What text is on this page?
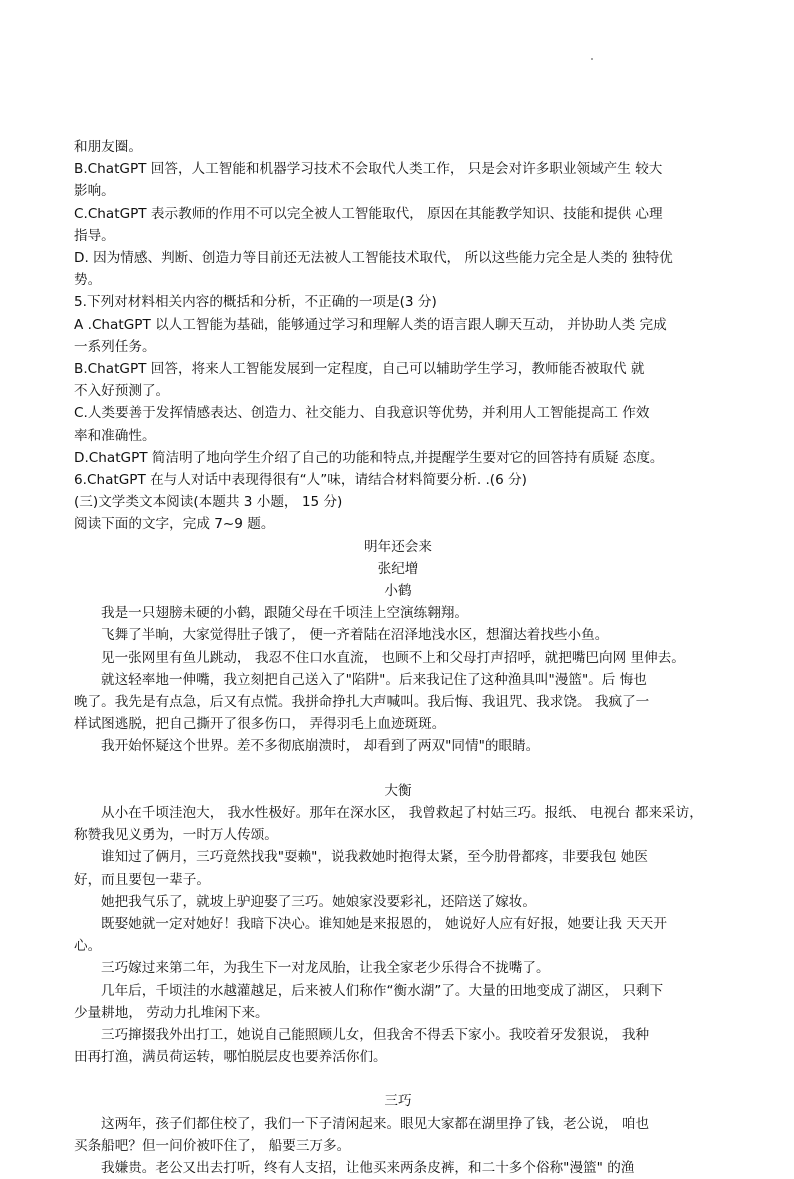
和朋友圈。
B.ChatGPT 回答，人工智能和机器学习技术不会取代人类工作， 只是会对许多职业领域产生 较大
影响。
C.ChatGPT 表示教师的作用不可以完全被人工智能取代， 原因在其能教学知识、技能和提供 心理
指导。
D. 因为情感、判断、创造力等目前还无法被人工智能技术取代， 所以这些能力完全是人类的 独特优
势。
5.下列对材料相关内容的概括和分析，不正确的一项是(3 分)
A .ChatGPT 以人工智能为基础，能够通过学习和理解人类的语言跟人聊天互动， 并协助人类 完成
一系列任务。
B.ChatGPT 回答，将来人工智能发展到一定程度，自己可以辅助学生学习，教师能否被取代 就
不入好预测了。
C.人类要善于发挥情感表达、创造力、社交能力、自我意识等优势，并利用人工智能提高工 作效
率和准确性。
D.ChatGPT 简洁明了地向学生介绍了自己的功能和特点,并提醒学生要对它的回答持有质疑 态度。
6.ChatGPT 在与人对话中表现得很有“人”味，请结合材料简要分析. .(6 分)
(三)文学类文本阅读(本题共 3 小题， 15 分)
阅读下面的文字，完成 7~9 题。
明年还会来
张纪增
小鹤
我是一只翅膀未硬的小鹤，跟随父母在千顷洼上空演练翱翔。
飞舞了半晌，大家觉得肚子饿了， 便一齐着陆在沼泽地浅水区，想溜达着找些小鱼。
见一张网里有鱼儿跳动， 我忍不住口水直流， 也顾不上和父母打声招呼，就把嘴巴向网 里伸去。
就这轻率地一伸嘴，我立刻把自己送入了"陷阱"。后来我记住了这种渔具叫"漫篮"。后 悔也
晚了。我先是有点急，后又有点慌。我拼命挣扎大声喊叫。我后悔、我诅咒、我求饶。 我疯了一
样试图逃脱，把自己撕开了很多伤口， 弄得羽毛上血迹斑斑。
我开始怀疑这个世界。差不多彻底崩溃时， 却看到了两双"同情"的眼睛。
大衡
从小在千顷洼泡大， 我水性极好。那年在深水区， 我曾救起了村姑三巧。报纸、 电视台 都来采访，
称赞我见义勇为，一时万人传颂。
谁知过了俩月，三巧竟然找我"耍赖"，说我救她时抱得太紧，至今肋骨都疼，非要我包 她医
好，而且要包一辈子。
她把我气乐了，就坡上驴迎娶了三巧。她娘家没要彩礼，还陪送了嫁妆。
既娶她就一定对她好！我暗下决心。谁知她是来报恩的， 她说好人应有好报，她要让我 天天开
心。
三巧嫁过来第二年，为我生下一对龙凤胎，让我全家老少乐得合不拢嘴了。
几年后，千顷洼的水越灌越足，后来被人们称作“衡水湖”了。大量的田地变成了湖区， 只剩下
少量耕地， 劳动力扎堆闲下来。
三巧撺掇我外出打工，她说自己能照顾儿女，但我舍不得丢下家小。我咬着牙发狠说， 我种
田再打渔，满员荷运转，哪怕脱层皮也要养活你们。
三巧
这两年，孩子们都住校了，我们一下子清闲起来。眼见大家都在湖里挣了钱，老公说， 咱也
买条船吧？但一问价被吓住了， 船要三万多。
我嫌贵。老公又出去打听，终有人支招，让他买来两条皮裤，和二十多个俗称"漫篮" 的渔
